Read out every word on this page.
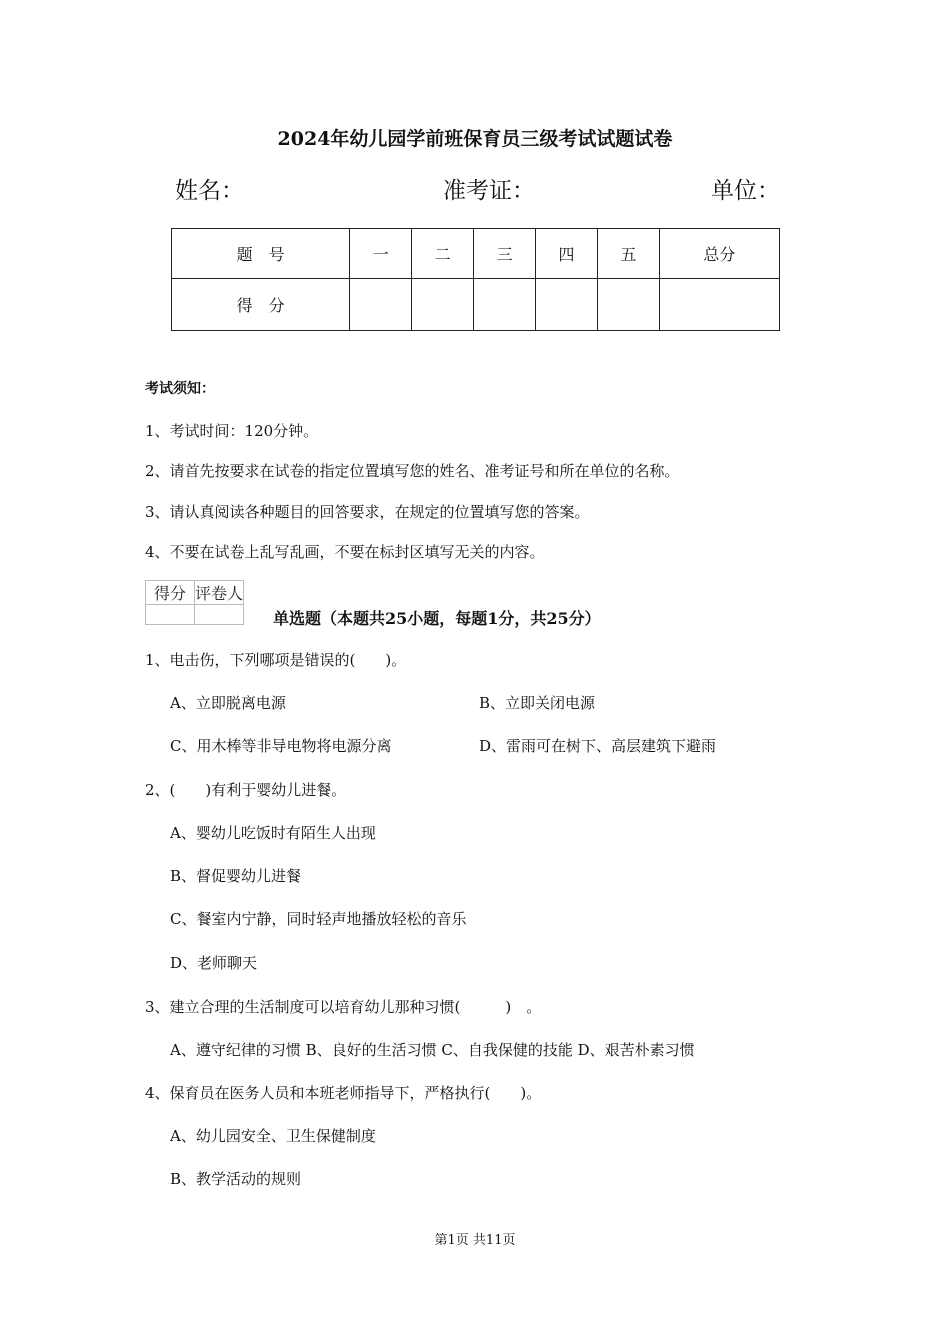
2024年幼儿园学前班保育员三级考试试题试卷
姓名：	准考证：	单位：
题　号	一	二	三	四	五	总分
得　分						
考试须知：
1、考试时间：120分钟。
2、请首先按要求在试卷的指定位置填写您的姓名、准考证号和所在单位的名称。
3、请认真阅读各种题目的回答要求，在规定的位置填写您的答案。
4、不要在试卷上乱写乱画，不要在标封区填写无关的内容。
得分	评卷人

单选题（本题共25小题，每题1分，共25分）
1、电击伤，下列哪项是错误的(　　)。
A、立即脱离电源	B、立即关闭电源
C、用木棒等非导电物将电源分离	D、雷雨可在树下、高层建筑下避雨
2、(　　)有利于婴幼儿进餐。
A、婴幼儿吃饭时有陌生人出现
B、督促婴幼儿进餐
C、餐室内宁静，同时轻声地播放轻松的音乐
D、老师聊天
3、建立合理的生活制度可以培育幼儿那种习惯(　　　)　。
A、遵守纪律的习惯 B、良好的生活习惯 C、自我保健的技能 D、艰苦朴素习惯
4、保育员在医务人员和本班老师指导下，严格执行(　　)。
A、幼儿园安全、卫生保健制度
B、教学活动的规则
第1页 共11页
